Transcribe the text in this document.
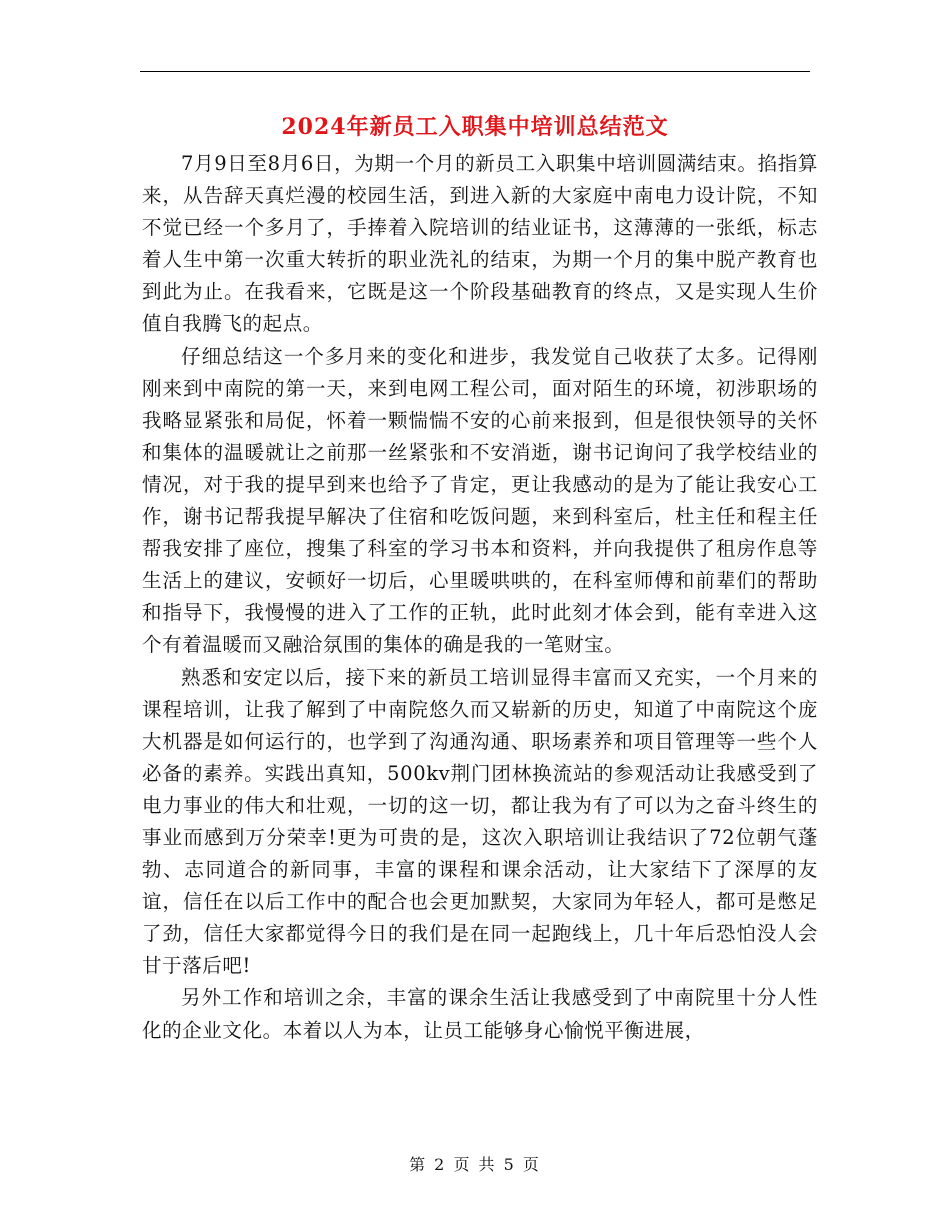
2024年新员工入职集中培训总结范文

7月9日至8月6日，为期一个月的新员工入职集中培训圆满结束。掐指算来，从告辞天真烂漫的校园生活，到进入新的大家庭中南电力设计院，不知不觉已经一个多月了，手捧着入院培训的结业证书，这薄薄的一张纸，标志着人生中第一次重大转折的职业洗礼的结束，为期一个月的集中脱产教育也到此为止。在我看来，它既是这一个阶段基础教育的终点，又是实现人生价值自我腾飞的起点。

仔细总结这一个多月来的变化和进步，我发觉自己收获了太多。记得刚刚来到中南院的第一天，来到电网工程公司，面对陌生的环境，初涉职场的我略显紧张和局促，怀着一颗惴惴不安的心前来报到，但是很快领导的关怀和集体的温暖就让之前那一丝紧张和不安消逝，谢书记询问了我学校结业的情况，对于我的提早到来也给予了肯定，更让我感动的是为了能让我安心工作，谢书记帮我提早解决了住宿和吃饭问题，来到科室后，杜主任和程主任帮我安排了座位，搜集了科室的学习书本和资料，并向我提供了租房作息等生活上的建议，安顿好一切后，心里暖哄哄的，在科室师傅和前辈们的帮助和指导下，我慢慢的进入了工作的正轨，此时此刻才体会到，能有幸进入这个有着温暖而又融洽氛围的集体的确是我的一笔财宝。

熟悉和安定以后，接下来的新员工培训显得丰富而又充实，一个月来的课程培训，让我了解到了中南院悠久而又崭新的历史，知道了中南院这个庞大机器是如何运行的，也学到了沟通沟通、职场素养和项目管理等一些个人必备的素养。实践出真知，500kv荆门团林换流站的参观活动让我感受到了电力事业的伟大和壮观，一切的这一切，都让我为有了可以为之奋斗终生的事业而感到万分荣幸!更为可贵的是，这次入职培训让我结识了72位朝气蓬勃、志同道合的新同事，丰富的课程和课余活动，让大家结下了深厚的友谊，信任在以后工作中的配合也会更加默契，大家同为年轻人，都可是憋足了劲，信任大家都觉得今日的我们是在同一起跑线上，几十年后恐怕没人会甘于落后吧!

另外工作和培训之余，丰富的课余生活让我感受到了中南院里十分人性化的企业文化。本着以人为本，让员工能够身心愉悦平衡进展，

第 2 页 共 5 页
